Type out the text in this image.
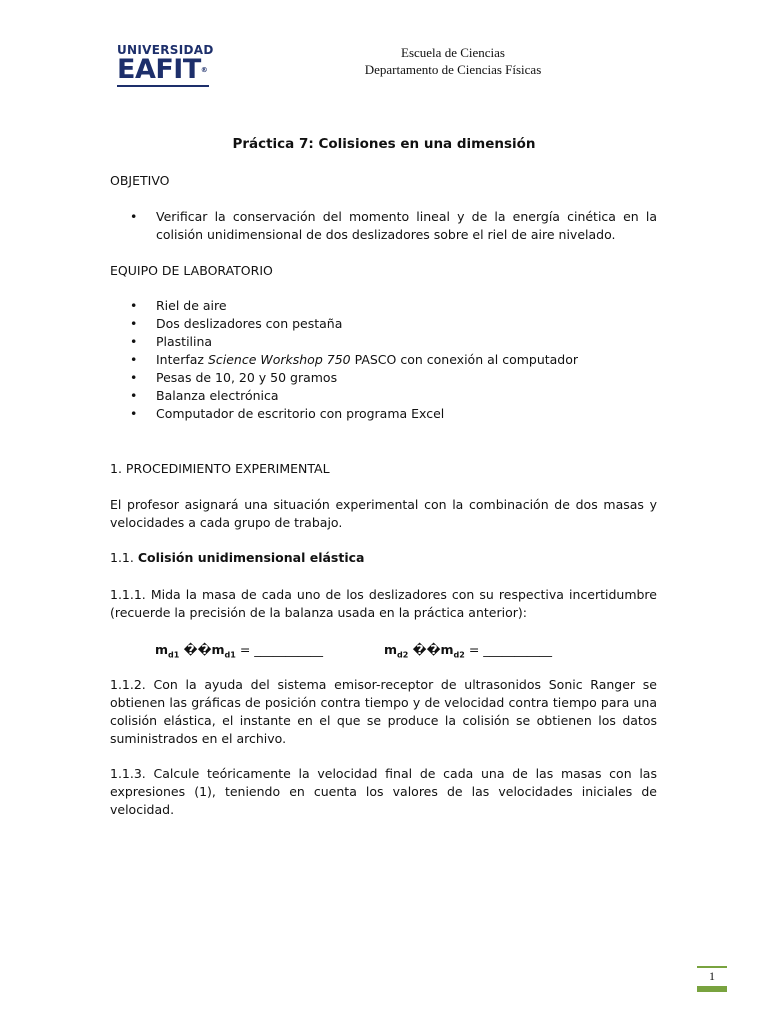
UNIVERSIDAD
EAFIT®
Escuela de Ciencias
Departamento de Ciencias Físicas
Práctica 7: Colisiones en una dimensión
OBJETIVO
• Verificar la conservación del momento lineal y de la energía cinética en la colisión unidimensional de dos deslizadores sobre el riel de aire nivelado.
EQUIPO DE LABORATORIO
• Riel de aire
• Dos deslizadores con pestaña
• Plastilina
• Interfaz Science Workshop 750 PASCO con conexión al computador
• Pesas de 10, 20 y 50 gramos
• Balanza electrónica
• Computador de escritorio con programa Excel
1. PROCEDIMIENTO EXPERIMENTAL
El profesor asignará una situación experimental con la combinación de dos masas y velocidades a cada grupo de trabajo.
1.1. Colisión unidimensional elástica
1.1.1. Mida la masa de cada uno de los deslizadores con su respectiva incertidumbre (recuerde la precisión de la balanza usada en la práctica anterior):
$m_{d1}$ $��m_{d1}$ = ___________	$m_{d2}$ $��m_{d2}$ = ___________
1.1.2. Con la ayuda del sistema emisor-receptor de ultrasonidos Sonic Ranger se obtienen las gráficas de posición contra tiempo y de velocidad contra tiempo para una colisión elástica, el instante en el que se produce la colisión se obtienen los datos suministrados en el archivo.
1.1.3. Calcule teóricamente la velocidad final de cada una de las masas con las expresiones (1), teniendo en cuenta los valores de las velocidades iniciales de velocidad.
1
